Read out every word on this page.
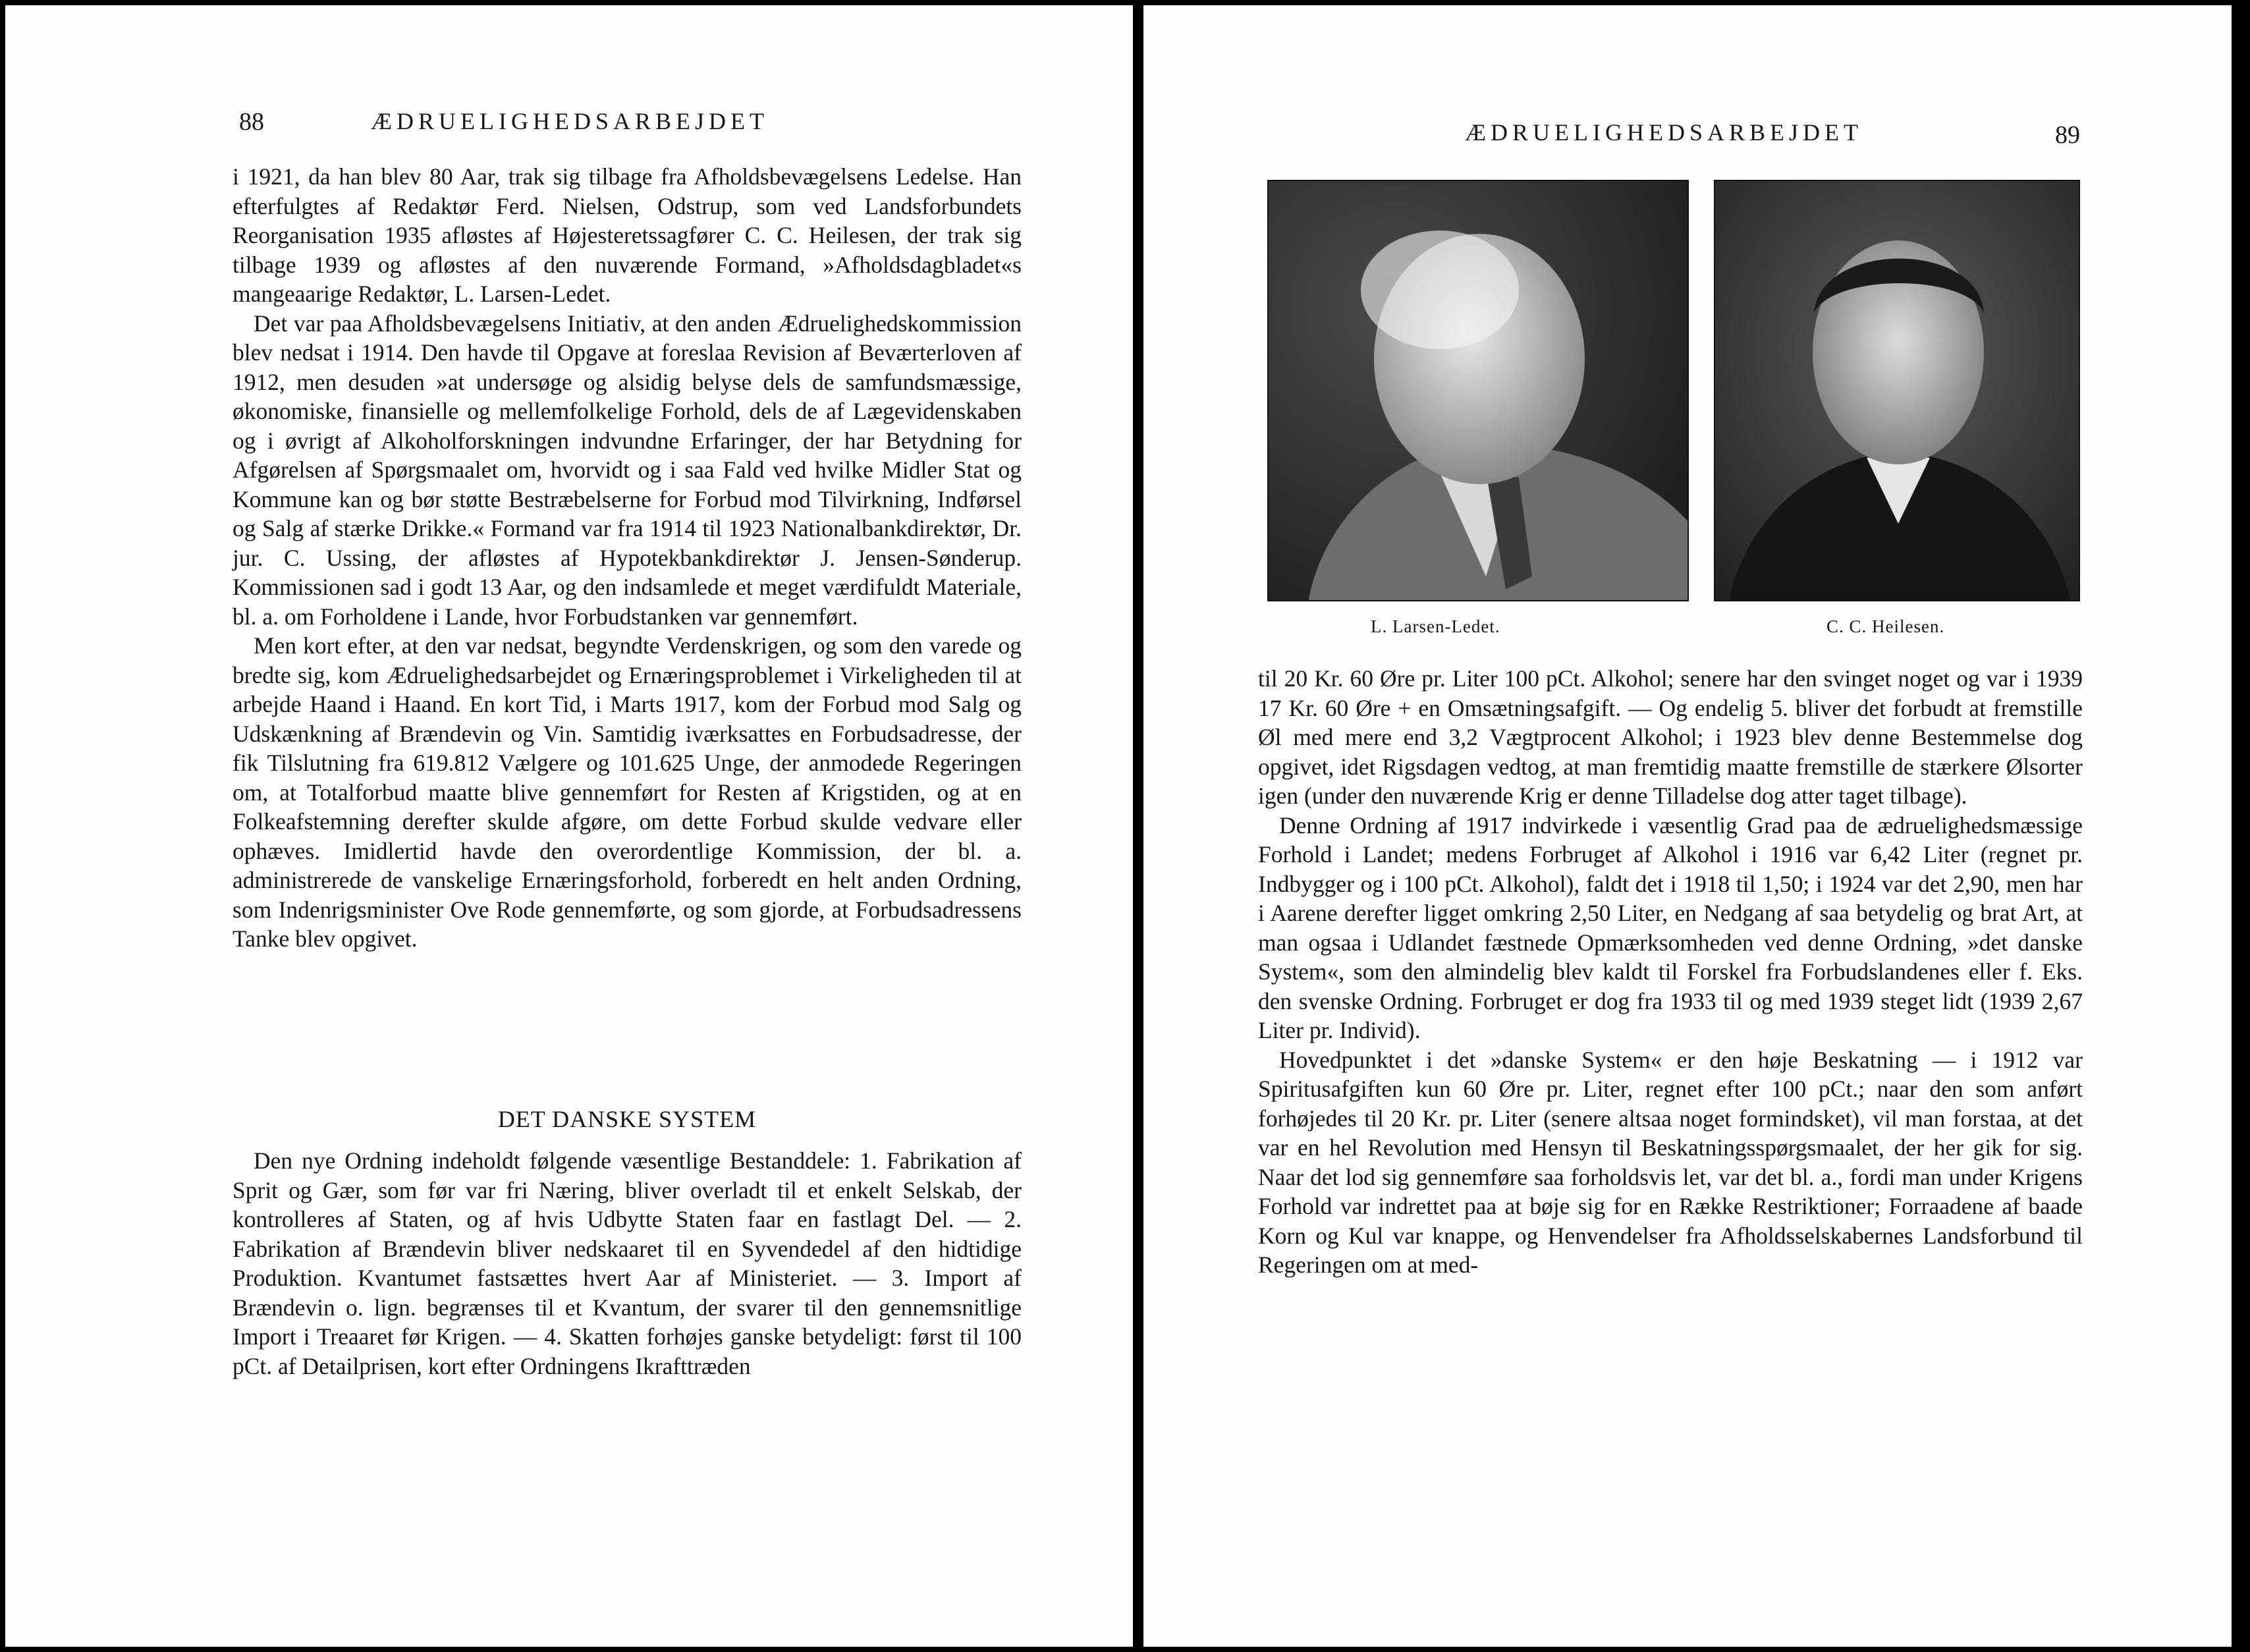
88	ÆDRUELIGHEDSARBEJDET

i 1921, da han blev 80 Aar, trak sig tilbage fra Afholdsbevægelsens Ledelse. Han efterfulgtes af Redaktør Ferd. Nielsen, Odstrup, som ved Landsforbundets Reorganisation 1935 afløstes af Højesteretssagfører C. C. Heilesen, der trak sig tilbage 1939 og afløstes af den nuværende Formand, »Afholdsdagbladet«s mangeaarige Redaktør, L. Larsen-Ledet.

Det var paa Afholdsbevægelsens Initiativ, at den anden Ædruelighedskommission blev nedsat i 1914. Den havde til Opgave at foreslaa Revision af Beværterloven af 1912, men desuden »at undersøge og alsidig belyse dels de samfundsmæssige, økonomiske, finansielle og mellemfolkelige Forhold, dels de af Lægevidenskaben og i øvrigt af Alkoholforskningen indvundne Erfaringer, der har Betydning for Afgørelsen af Spørgsmaalet om, hvorvidt og i saa Fald ved hvilke Midler Stat og Kommune kan og bør støtte Bestræbelserne for Forbud mod Tilvirkning, Indførsel og Salg af stærke Drikke.« Formand var fra 1914 til 1923 Nationalbankdirektør, Dr. jur. C. Ussing, der afløstes af Hypotekbankdirektør J. Jensen-Sønderup. Kommissionen sad i godt 13 Aar, og den indsamlede et meget værdifuldt Materiale, bl. a. om Forholdene i Lande, hvor Forbudstanken var gennemført.

Men kort efter, at den var nedsat, begyndte Verdenskrigen, og som den varede og bredte sig, kom Ædruelighedsarbejdet og Ernæringsproblemet i Virkeligheden til at arbejde Haand i Haand. En kort Tid, i Marts 1917, kom der Forbud mod Salg og Udskænkning af Brændevin og Vin. Samtidig iværksattes en Forbudsadresse, der fik Tilslutning fra 619.812 Vælgere og 101.625 Unge, der anmodede Regeringen om, at Totalforbud maatte blive gennemført for Resten af Krigstiden, og at en Folkeafstemning derefter skulde afgøre, om dette Forbud skulde vedvare eller ophæves. Imidlertid havde den overordentlige Kommission, der bl. a. administrerede de vanskelige Ernæringsforhold, forberedt en helt anden Ordning, som Indenrigsminister Ove Rode gennemførte, og som gjorde, at Forbudsadressens Tanke blev opgivet.

DET DANSKE SYSTEM

Den nye Ordning indeholdt følgende væsentlige Bestanddele: 1. Fabrikation af Sprit og Gær, som før var fri Næring, bliver overladt til et enkelt Selskab, der kontrolleres af Staten, og af hvis Udbytte Staten faar en fastlagt Del. — 2. Fabrikation af Brændevin bliver nedskaaret til en Syvendedel af den hidtidige Produktion. Kvantumet fastsættes hvert Aar af Ministeriet. — 3. Import af Brændevin o. lign. begrænses til et Kvantum, der svarer til den gennemsnitlige Import i Treaaret før Krigen. — 4. Skatten forhøjes ganske betydeligt: først til 100 pCt. af Detailprisen, kort efter Ordningens Ikrafttræden

ÆDRUELIGHEDSARBEJDET	89
L. Larsen-Ledet.	C. C. Heilesen.

til 20 Kr. 60 Øre pr. Liter 100 pCt. Alkohol; senere har den svinget noget og var i 1939 17 Kr. 60 Øre + en Omsætningsafgift. — Og endelig 5. bliver det forbudt at fremstille Øl med mere end 3,2 Vægtprocent Alkohol; i 1923 blev denne Bestemmelse dog opgivet, idet Rigsdagen vedtog, at man fremtidig maatte fremstille de stærkere Ølsorter igen (under den nuværende Krig er denne Tilladelse dog atter taget tilbage).

Denne Ordning af 1917 indvirkede i væsentlig Grad paa de ædruelighedsmæssige Forhold i Landet; medens Forbruget af Alkohol i 1916 var 6,42 Liter (regnet pr. Indbygger og i 100 pCt. Alkohol), faldt det i 1918 til 1,50; i 1924 var det 2,90, men har i Aarene derefter ligget omkring 2,50 Liter, en Nedgang af saa betydelig og brat Art, at man ogsaa i Udlandet fæstnede Opmærksomheden ved denne Ordning, »det danske System«, som den almindelig blev kaldt til Forskel fra Forbudslandenes eller f. Eks. den svenske Ordning. Forbruget er dog fra 1933 til og med 1939 steget lidt (1939 2,67 Liter pr. Individ).

Hovedpunktet i det »danske System« er den høje Beskatning — i 1912 var Spiritusafgiften kun 60 Øre pr. Liter, regnet efter 100 pCt.; naar den som anført forhøjedes til 20 Kr. pr. Liter (senere altsaa noget formindsket), vil man forstaa, at det var en hel Revolution med Hensyn til Beskatningsspørgsmaalet, der her gik for sig. Naar det lod sig gennemføre saa forholdsvis let, var det bl. a., fordi man under Krigens Forhold var indrettet paa at bøje sig for en Række Restriktioner; Forraadene af baade Korn og Kul var knappe, og Henvendelser fra Afholdsselskabernes Landsforbund til Regeringen om at med-
